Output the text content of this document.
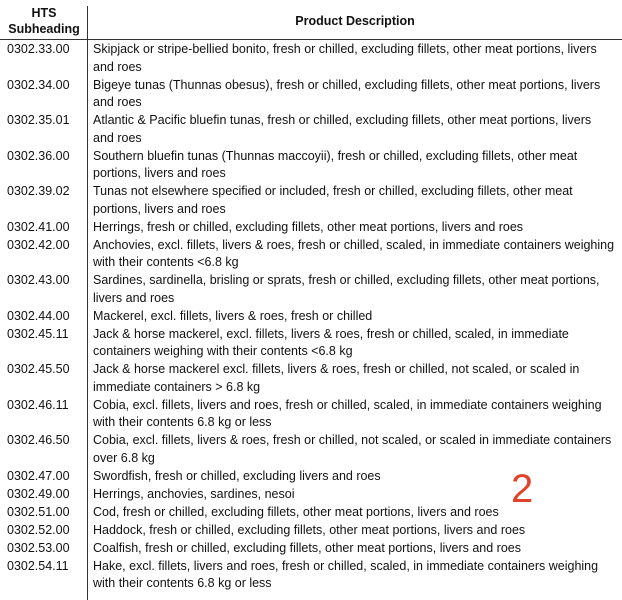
HTS
Subheading
Product Description
0302.33.00 Skipjack or stripe-bellied bonito, fresh or chilled, excluding fillets, other meat portions, livers and roes
0302.34.00 Bigeye tunas (Thunnas obesus), fresh or chilled, excluding fillets, other meat portions, livers and roes
0302.35.01 Atlantic & Pacific bluefin tunas, fresh or chilled, excluding fillets, other meat portions, livers and roes
0302.36.00 Southern bluefin tunas (Thunnas maccoyii), fresh or chilled, excluding fillets, other meat portions, livers and roes
0302.39.02 Tunas not elsewhere specified or included, fresh or chilled, excluding fillets, other meat portions, livers and roes
0302.41.00 Herrings, fresh or chilled, excluding fillets, other meat portions, livers and roes
0302.42.00 Anchovies, excl. fillets, livers & roes, fresh or chilled, scaled, in immediate containers weighing with their contents <6.8 kg
0302.43.00 Sardines, sardinella, brisling or sprats, fresh or chilled, excluding fillets, other meat portions, livers and roes
0302.44.00 Mackerel, excl. fillets, livers & roes, fresh or chilled
0302.45.11 Jack & horse mackerel, excl. fillets, livers & roes, fresh or chilled, scaled, in immediate containers weighing with their contents <6.8 kg
0302.45.50 Jack & horse mackerel excl. fillets, livers & roes, fresh or chilled, not scaled, or scaled in immediate containers > 6.8 kg
0302.46.11 Cobia, excl. fillets, livers and roes, fresh or chilled, scaled, in immediate containers weighing with their contents 6.8 kg or less
0302.46.50 Cobia, excl. fillets, livers & roes, fresh or chilled, not scaled, or scaled in immediate containers over 6.8 kg
0302.47.00 Swordfish, fresh or chilled, excluding livers and roes
0302.49.00 Herrings, anchovies, sardines, nesoi
0302.51.00 Cod, fresh or chilled, excluding fillets, other meat portions, livers and roes
0302.52.00 Haddock, fresh or chilled, excluding fillets, other meat portions, livers and roes
0302.53.00 Coalfish, fresh or chilled, excluding fillets, other meat portions, livers and roes
0302.54.11 Hake, excl. fillets, livers and roes, fresh or chilled, scaled, in immediate containers weighing with their contents 6.8 kg or less
2
